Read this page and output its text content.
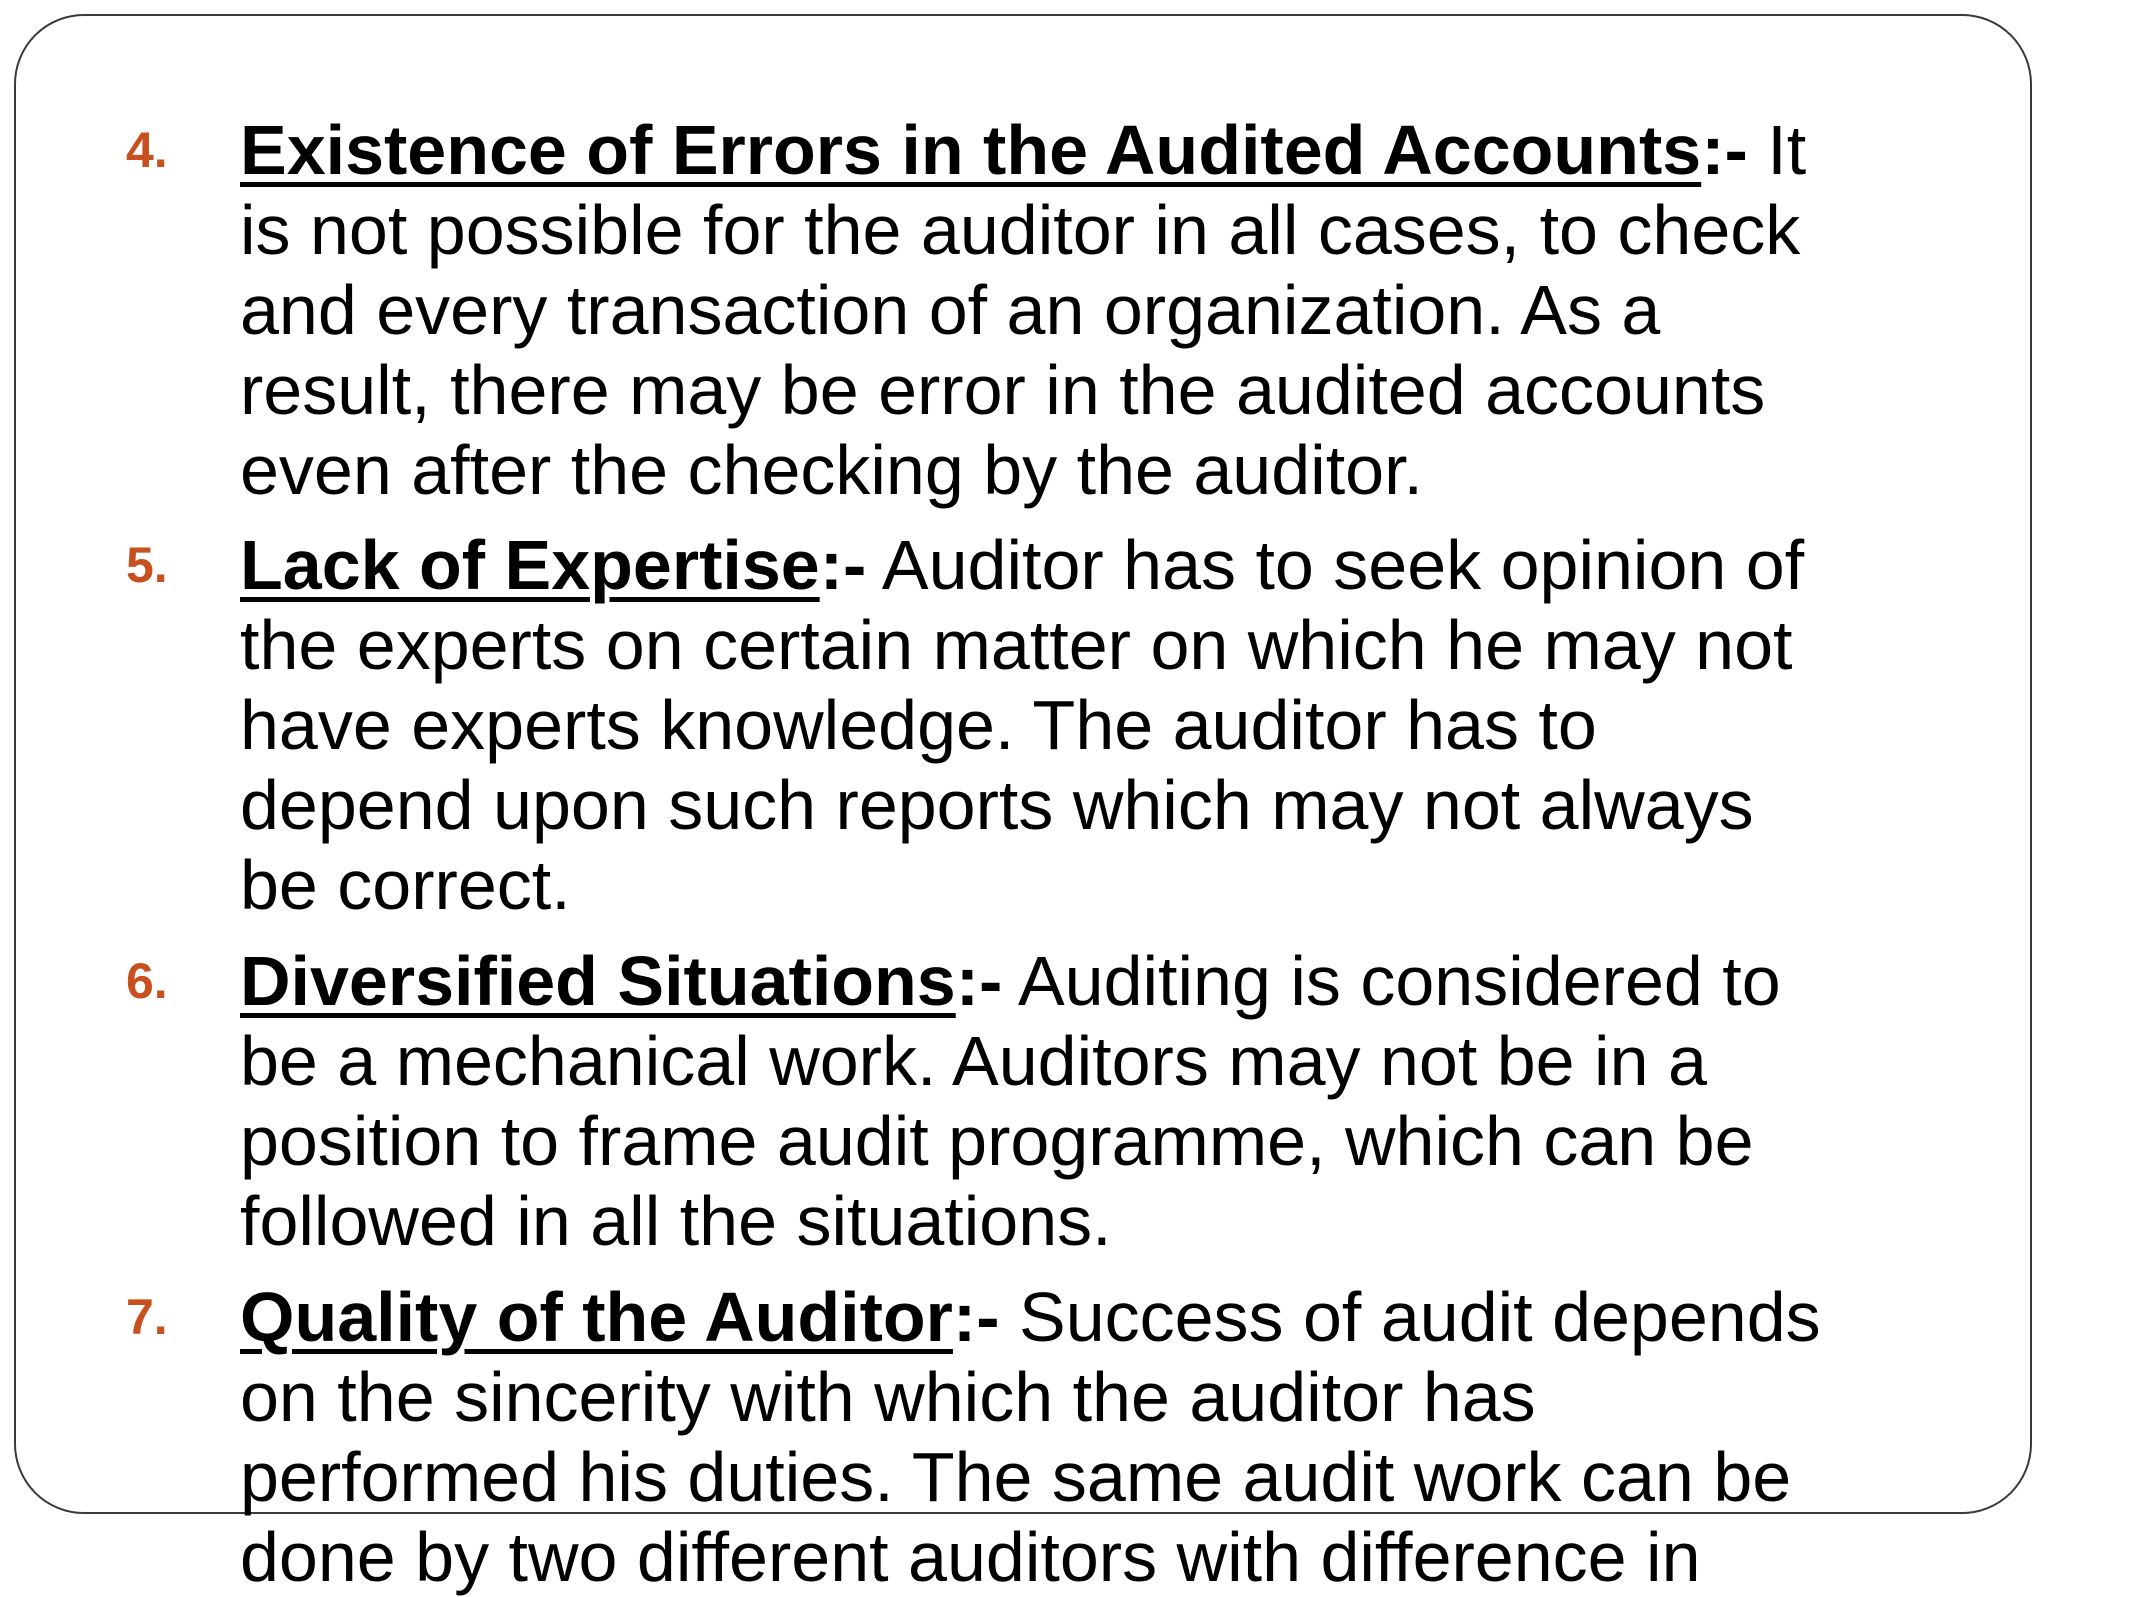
4. Existence of Errors in the Audited Accounts:- It
is not possible for the auditor in all cases, to check
and every transaction of an organization. As a
result, there may be error in the audited accounts
even after the checking by the auditor.

5. Lack of Expertise:- Auditor has to seek opinion of
the experts on certain matter on which he may not
have experts knowledge. The auditor has to
depend upon such reports which may not always
be correct.

6. Diversified Situations:- Auditing is considered to
be a mechanical work. Auditors may not be in a
position to frame audit programme, which can be
followed in all the situations.

7. Quality of the Auditor:- Success of audit depends
on the sincerity with which the auditor has
performed his duties. The same audit work can be
done by two different auditors with difference in
